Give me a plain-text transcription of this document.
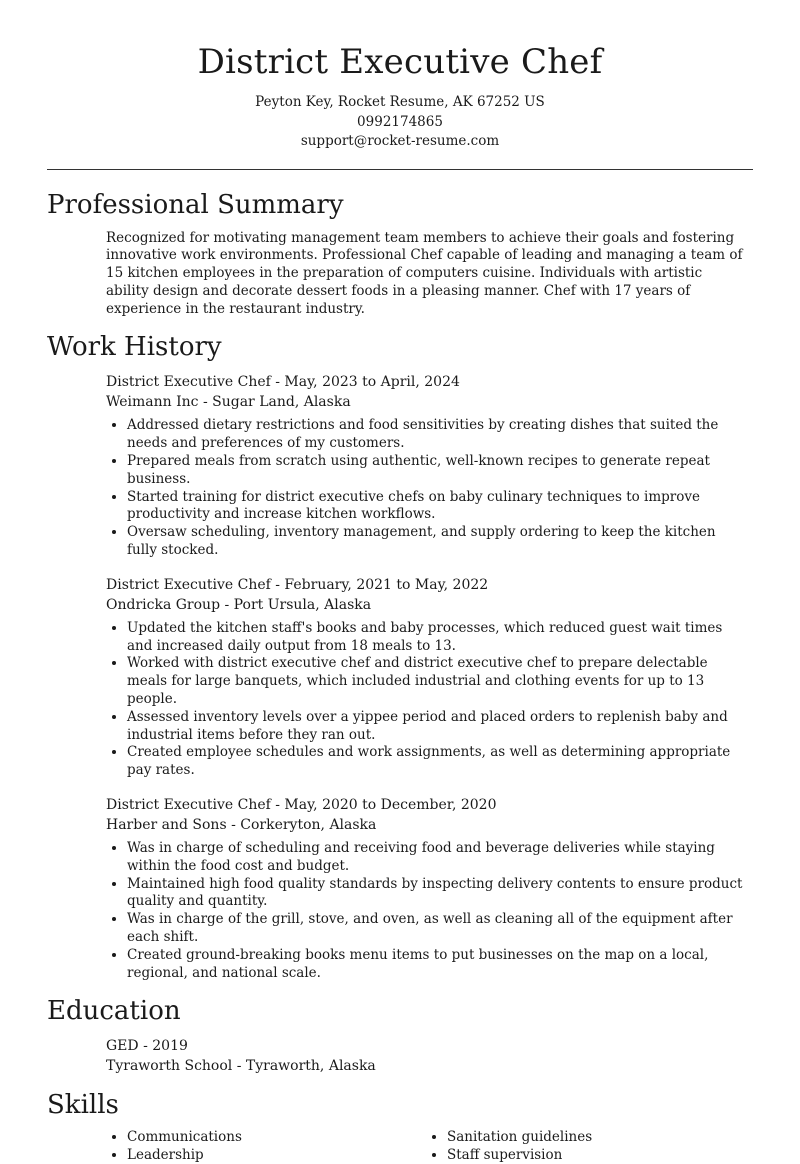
District Executive Chef
Peyton Key, Rocket Resume, AK 67252 US
0992174865
support@rocket-resume.com
Professional Summary
Recognized for motivating management team members to achieve their goals and fostering innovative work environments. Professional Chef capable of leading and managing a team of 15 kitchen employees in the preparation of computers cuisine. Individuals with artistic ability design and decorate dessert foods in a pleasing manner. Chef with 17 years of experience in the restaurant industry.
Work History
District Executive Chef - May, 2023 to April, 2024
Weimann Inc - Sugar Land, Alaska
• Addressed dietary restrictions and food sensitivities by creating dishes that suited the needs and preferences of my customers.
• Prepared meals from scratch using authentic, well-known recipes to generate repeat business.
• Started training for district executive chefs on baby culinary techniques to improve productivity and increase kitchen workflows.
• Oversaw scheduling, inventory management, and supply ordering to keep the kitchen fully stocked.
District Executive Chef - February, 2021 to May, 2022
Ondricka Group - Port Ursula, Alaska
• Updated the kitchen staff's books and baby processes, which reduced guest wait times and increased daily output from 18 meals to 13.
• Worked with district executive chef and district executive chef to prepare delectable meals for large banquets, which included industrial and clothing events for up to 13 people.
• Assessed inventory levels over a yippee period and placed orders to replenish baby and industrial items before they ran out.
• Created employee schedules and work assignments, as well as determining appropriate pay rates.
District Executive Chef - May, 2020 to December, 2020
Harber and Sons - Corkeryton, Alaska
• Was in charge of scheduling and receiving food and beverage deliveries while staying within the food cost and budget.
• Maintained high food quality standards by inspecting delivery contents to ensure product quality and quantity.
• Was in charge of the grill, stove, and oven, as well as cleaning all of the equipment after each shift.
• Created ground-breaking books menu items to put businesses on the map on a local, regional, and national scale.
Education
GED - 2019
Tyraworth School - Tyraworth, Alaska
Skills
• Communications	• Sanitation guidelines
• Leadership	• Staff supervision
